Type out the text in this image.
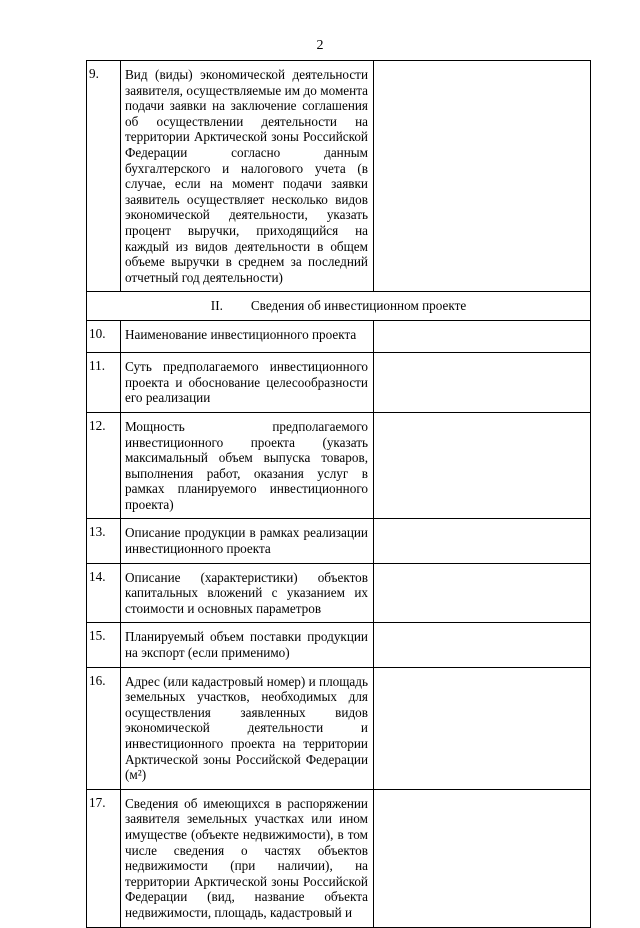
2
9.	Вид (виды) экономической деятельности заявителя, осуществляемые им до момента подачи заявки на заключение соглашения об осуществлении деятельности на территории Арктической зоны Российской Федерации согласно данным бухгалтерского и налогового учета (в случае, если на момент подачи заявки заявитель осуществляет несколько видов экономической деятельности, указать процент выручки, приходящийся на каждый из видов деятельности в общем объеме выручки в среднем за последний отчетный год деятельности)	
II. Сведения об инвестиционном проекте		
10.	Наименование инвестиционного проекта	
11.	Суть предполагаемого инвестиционного проекта и обоснование целесообразности его реализации	
12.	Мощность предполагаемого инвестиционного проекта (указать максимальный объем выпуска товаров, выполнения работ, оказания услуг в рамках планируемого инвестиционного проекта)	
13.	Описание продукции в рамках реализации инвестиционного проекта	
14.	Описание (характеристики) объектов капитальных вложений с указанием их стоимости и основных параметров	
15.	Планируемый объем поставки продукции на экспорт (если применимо)	
16.	Адрес (или кадастровый номер) и площадь земельных участков, необходимых для осуществления заявленных видов экономической деятельности и инвестиционного проекта на территории Арктической зоны Российской Федерации (м²)	
17.	Сведения об имеющихся в распоряжении заявителя земельных участках или ином имуществе (объекте недвижимости), в том числе сведения о частях объектов недвижимости (при наличии), на территории Арктической зоны Российской Федерации (вид, название объекта недвижимости, площадь, кадастровый и	
